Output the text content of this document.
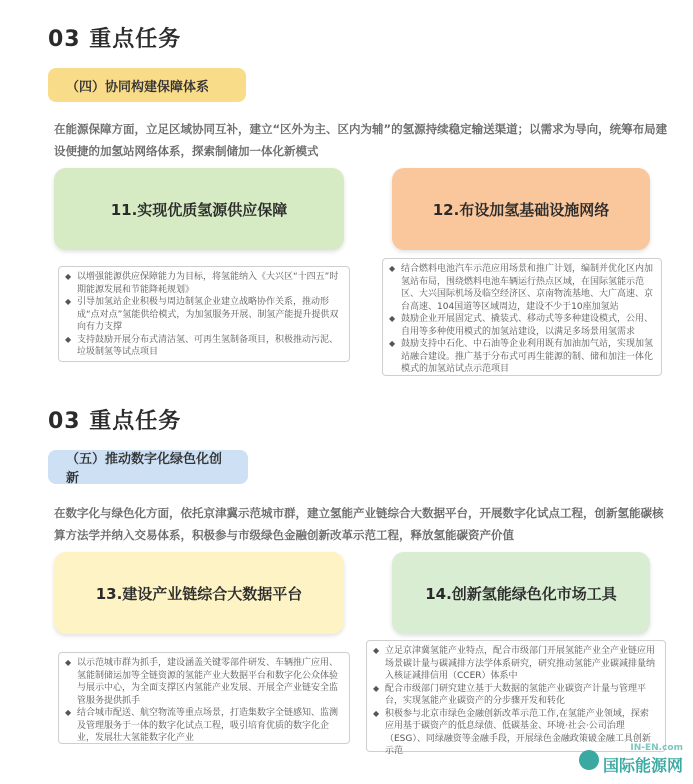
03 重点任务
（四）协同构建保障体系
在能源保障方面，立足区域协同互补，建立“区外为主、区内为辅”的氢源持续稳定输送渠道；以需求为导向，统筹布局建设便捷的加氢站网络体系，探索制储加一体化新模式
11.实现优质氢源供应保障	12.布设加氢基础设施网络
◆ 以增强能源供应保障能力为目标，将氢能纳入《大兴区“十四五”时期能源发展和节能降耗规划》
◆ 引导加氢站企业积极与周边制氢企业建立战略协作关系，推动形成“点对点”氢能供给模式，为加氢服务开展、制氢产能提升提供双向有力支撑
◆ 支持鼓励开展分布式清洁氢、可再生氢制备项目，积极推动污泥、垃圾制氢等试点项目
◆ 结合燃料电池汽车示范应用场景和推广计划，编制并优化区内加氢站布局，围绕燃料电池车辆运行热点区域，在国际氢能示范区、大兴国际机场及临空经济区、京南物流基地、大广高速、京台高速、104国道等区域周边，建设不少于10座加氢站
◆ 鼓励企业开展固定式、撬装式、移动式等多种建设模式，公用、自用等多种使用模式的加氢站建设，以满足多场景用氢需求
◆ 鼓励支持中石化、中石油等企业利用既有加油加气站，实现加氢站融合建设。推广基于分布式可再生能源的制、储和加注一体化模式的加氢站试点示范项目
03 重点任务
（五）推动数字化绿色化创新
在数字化与绿色化方面，依托京津冀示范城市群，建立氢能产业链综合大数据平台，开展数字化试点工程，创新氢能碳核算方法学并纳入交易体系，积极参与市级绿色金融创新改革示范工程，释放氢能碳资产价值
13.建设产业链综合大数据平台	14.创新氢能绿色化市场工具
◆ 以示范城市群为抓手，建设涵盖关键零部件研发、车辆推广应用、氢能制储运加等全链资源的氢能产业大数据平台和数字化公众体验与展示中心，为全面支撑区内氢能产业发展、开展全产业链安全监管服务提供抓手
◆ 结合城市配送、航空物流等重点场景，打造集数字全链感知、监测及管理服务于一体的数字化试点工程，吸引培育优质的数字化企业，发展壮大氢能数字化产业
◆ 立足京津冀氢能产业特点，配合市级部门开展氢能产业全产业链应用场景碳计量与碳减排方法学体系研究，研究推动氢能产业碳减排量纳入核证减排信用（CCER）体系中
◆ 配合市级部门研究建立基于大数据的氢能产业碳资产计量与管理平台，实现氢能产业碳资产的分步骤开发和转化
◆ 积极参与北京市绿色金融创新改革示范工作,在氢能产业领域，探索应用基于碳资产的低息绿债、低碳基金、环境·社会·公司治理（ESG）、同绿融资等金融手段，开展绿色金融政策破金融工具创新示范	IN-EN.com
国际能源网
